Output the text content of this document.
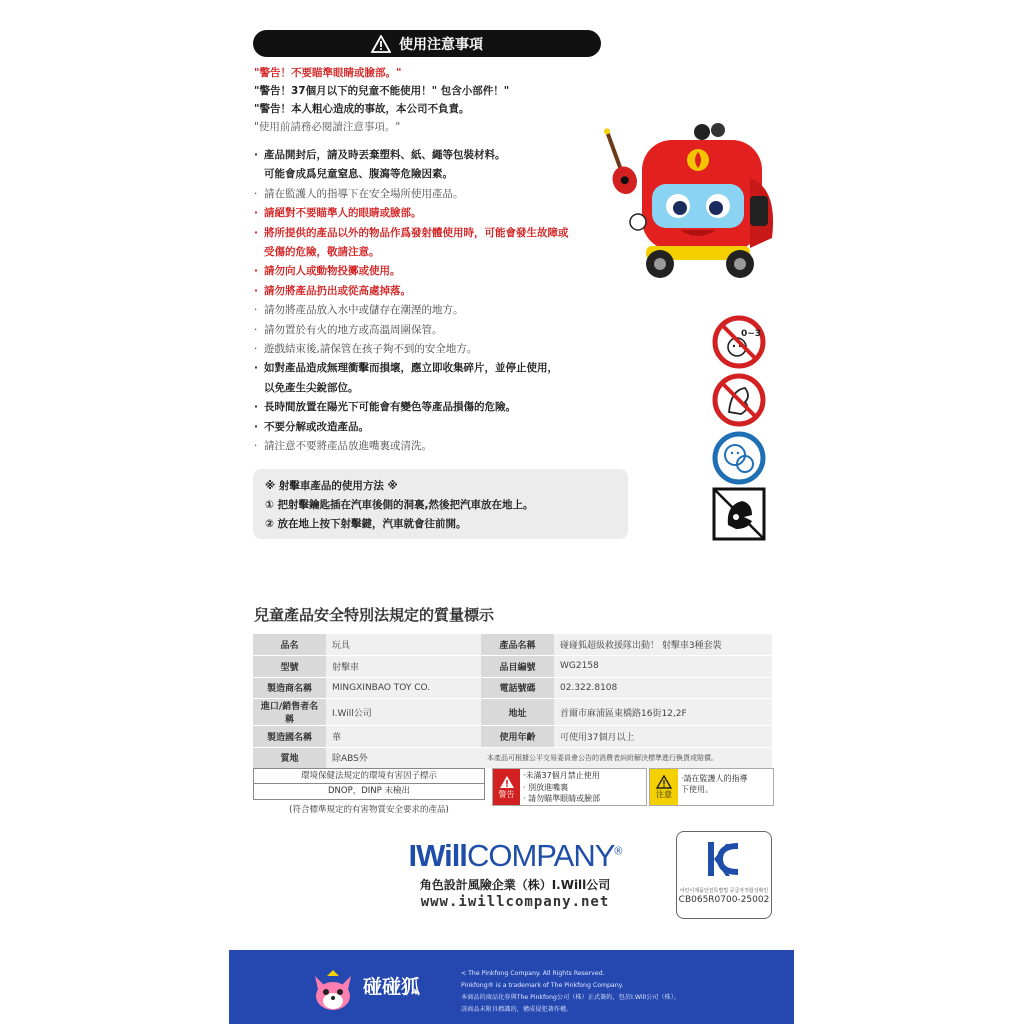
使用注意事項
"警告！不要瞄準眼睛或臉部。"
"警告！37個月以下的兒童不能使用！" 包含小部件！"
"警告！本人粗心造成的事故，本公司不負責。
"使用前請務必閱讀注意事項。"
· 產品開封后，請及時丟棄塑料、紙、繩等包裝材料。
可能會成爲兒童窒息、腹瀉等危險因素。
· 請在監護人的指導下在安全場所使用產品。
· 請絕對不要瞄準人的眼睛或臉部。
· 將所提供的產品以外的物品作爲發射體使用時，可能會發生故障或
受傷的危險，敬請注意。
· 請勿向人或動物投擲或使用。
· 請勿將產品扔出或從高處掉落。
· 請勿將產品放入水中或儲存在潮溼的地方。
· 請勿置於有火的地方或高溫周圍保管。
· 遊戲結束後,請保管在孩子夠不到的安全地方。
· 如對產品造成無理衝擊而損壞，應立即收集碎片，並停止使用，
以免產生尖銳部位。
· 長時間放置在陽光下可能會有變色等產品損傷的危險。
· 不要分解或改造產品。
· 請注意不要將產品放進嘴裏或清洗。
0~3
※ 射擊車產品的使用方法 ※
① 把射擊鑰匙插在汽車後側的洞裏,然後把汽車放在地上。
② 放在地上按下射擊鍵，汽車就會往前開。
兒童產品安全特別法規定的質量標示
品名	玩具	產品名稱	碰碰狐超級救援隊出動！ 射擊車3種套裝
型號	射擊車	品目編號	WG2158
製造商名稱	MINGXINBAO TOY CO.	電話號碼	02.322.8108
進口/銷售者名稱	I.Will公司	地址	首爾市麻浦區東橋路16街12,2F
製造國名稱	華	使用年齡	可使用37個月以上
質地	除ABS外	本產品可根據公平交易委員會公告的消費者糾紛解決標準進行換貨或賠償。	
環境保健法規定的環境有害因子標示
DNOP，DINP 未檢出
(符合標準規定的有害物質安全要求的產品)
警告
·未滿37個月禁止使用
· 別放進嘴裏
· 請勿瞄準眼睛或臉部	注意
·請在監護人的指導
下使用。
IWillCOMPANY®
角色設計風險企業（株）I.Will公司
www.iwillcompany.net
어린이제품안전특별법 공급자적합성확인
CB065R0700-25002
碰碰狐
< The Pinkfong Company. All Rights Reserved.
Pinkfong® is a trademark of The Pinkfong Company.
本商品的商品化券與The Pinkfong公司（株）正式簽約，包於I.Will公司（株）。
該商品未附具標識的，構成侵犯著作權。
